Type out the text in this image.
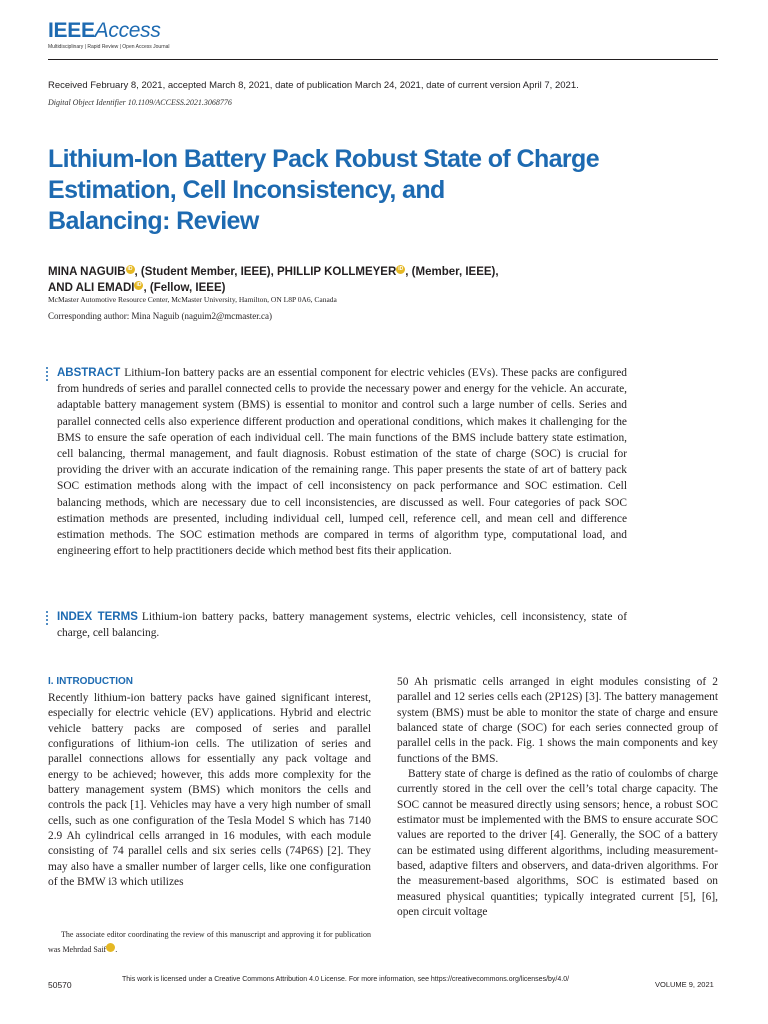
IEEEAccess
Multidisciplinary | Rapid Review | Open Access Journal
Received February 8, 2021, accepted March 8, 2021, date of publication March 24, 2021, date of current version April 7, 2021.
Digital Object Identifier 10.1109/ACCESS.2021.3068776
Lithium-Ion Battery Pack Robust State of Charge
Estimation, Cell Inconsistency, and
Balancing: Review
MINA NAGUIB iD , (Student Member, IEEE), PHILLIP KOLLMEYER iD , (Member, IEEE),
AND ALI EMADI iD , (Fellow, IEEE)
McMaster Automotive Resource Center, McMaster University, Hamilton, ON L8P 0A6, Canada
Corresponding author: Mina Naguib (naguim2@mcmaster.ca)
ABSTRACT Lithium-Ion battery packs are an essential component for electric vehicles (EVs). These packs are configured from hundreds of series and parallel connected cells to provide the necessary power and energy for the vehicle. An accurate, adaptable battery management system (BMS) is essential to monitor and control such a large number of cells. Series and parallel connected cells also experience different production and operational conditions, which makes it challenging for the BMS to ensure the safe operation of each individual cell. The main functions of the BMS include battery state estimation, cell balancing, thermal management, and fault diagnosis. Robust estimation of the state of charge (SOC) is crucial for providing the driver with an accurate indication of the remaining range. This paper presents the state of art of battery pack SOC estimation methods along with the impact of cell inconsistency on pack performance and SOC estimation. Cell balancing methods, which are necessary due to cell inconsistencies, are discussed as well. Four categories of pack SOC estimation methods are presented, including individual cell, lumped cell, reference cell, and mean cell and difference estimation methods. The SOC estimation methods are compared in terms of algorithm type, computational load, and engineering effort to help practitioners decide which method best fits their application.
INDEX TERMS Lithium-ion battery packs, battery management systems, electric vehicles, cell inconsistency, state of charge, cell balancing.
I. INTRODUCTION

Recently lithium-ion battery packs have gained significant interest, especially for electric vehicle (EV) applications. Hybrid and electric vehicle battery packs are composed of series and parallel configurations of lithium-ion cells. The utilization of series and parallel connections allows for essentially any pack voltage and energy to be achieved; however, this adds more complexity for the battery management system (BMS) which monitors the cells and controls the pack [1]. Vehicles may have a very high number of small cells, such as one configuration of the Tesla Model S which has 7140 2.9 Ah cylindrical cells arranged in 16 modules, with each module consisting of 74 parallel cells and six series cells (74P6S) [2]. They may also have a smaller number of larger cells, like one configuration of the BMW i3 which utilizes

50 Ah prismatic cells arranged in eight modules consisting of 2 parallel and 12 series cells each (2P12S) [3]. The battery management system (BMS) must be able to monitor the state of charge and ensure balanced state of charge (SOC) for each series connected group of parallel cells in the pack. Fig. 1 shows the main components and key functions of the BMS.

Battery state of charge is defined as the ratio of coulombs of charge currently stored in the cell over the cell’s total charge capacity. The SOC cannot be measured directly using sensors; hence, a robust SOC estimator must be implemented with the BMS to ensure accurate SOC values are reported to the driver [4]. Generally, the SOC of a battery can be estimated using different algorithms, including measurement-based, adaptive filters and observers, and data-driven algorithms. For the measurement-based algorithms, SOC is estimated based on measured physical quantities; typically integrated current [5], [6], open circuit voltage

The associate editor coordinating the review of this manuscript and approving it for publication was Mehrdad Saif	iD.

50570
This work is licensed under a Creative Commons Attribution 4.0 License. For more information, see https://creativecommons.org/licenses/by/4.0/
VOLUME 9, 2021
